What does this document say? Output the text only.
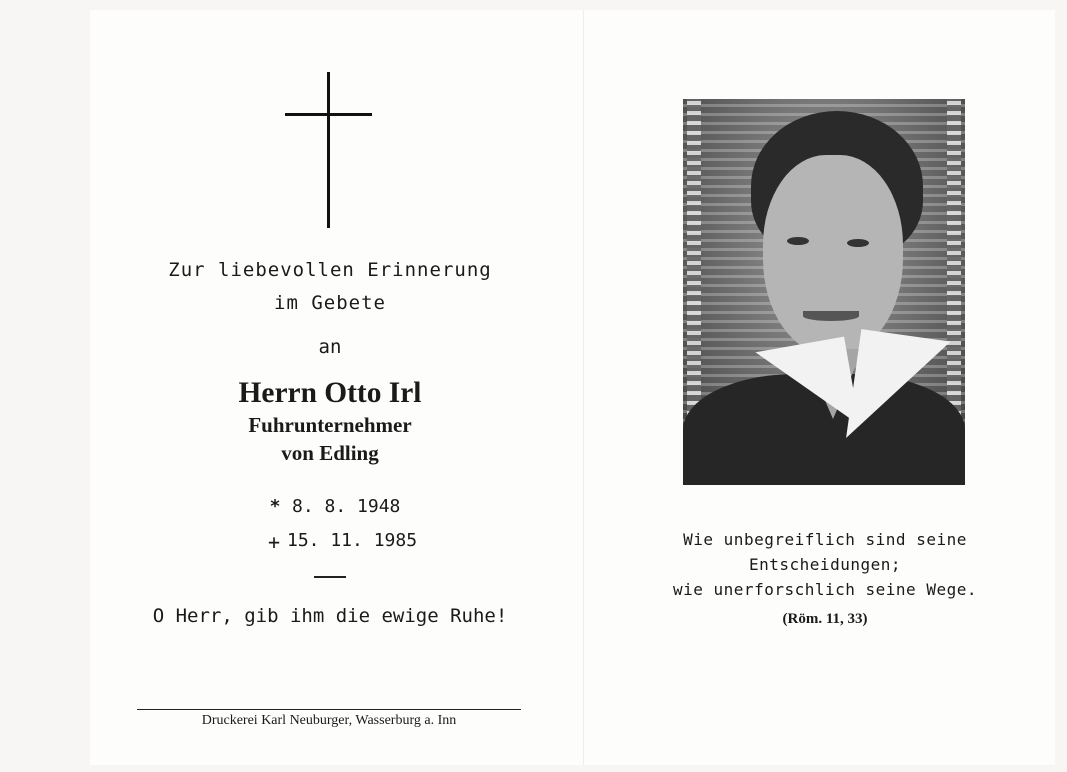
Zur liebevollen Erinnerung
im Gebete
an
Herrn Otto Irl
Fuhrunternehmer
von Edling
* 8. 8. 1948
+ 15. 11. 1985
O Herr, gib ihm die ewige Ruhe!
Druckerei Karl Neuburger, Wasserburg a. Inn
Wie unbegreiflich sind seine
Entscheidungen;
wie unerforschlich seine Wege.
(Röm. 11, 33)
